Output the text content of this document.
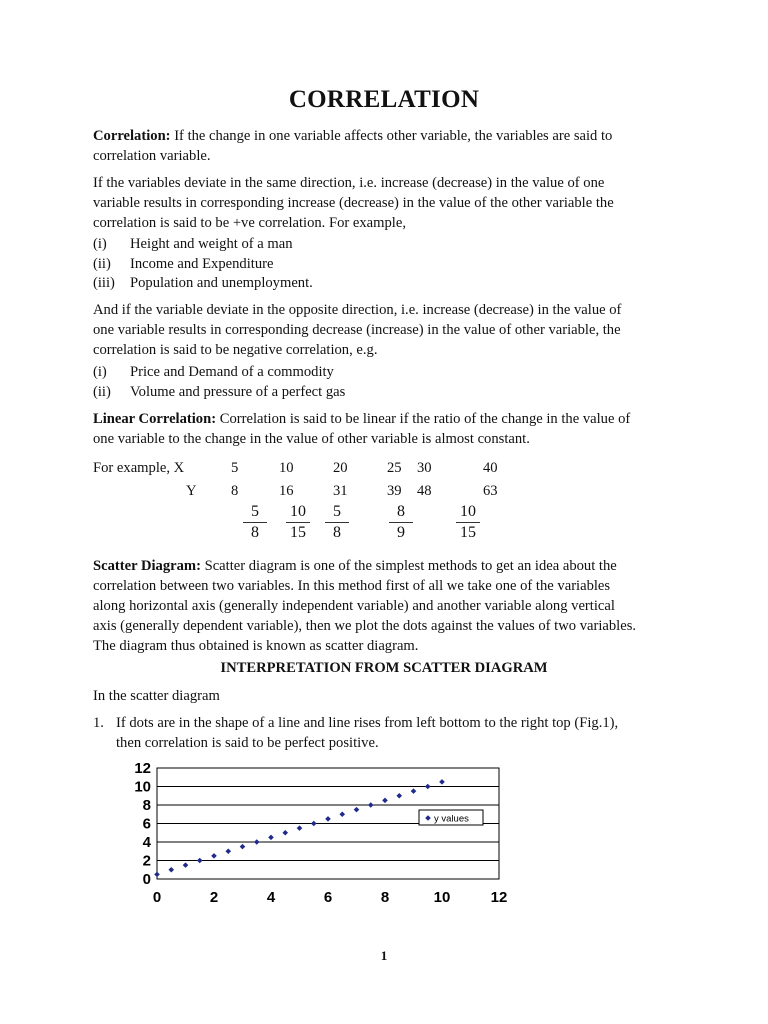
CORRELATION
Correlation: If the change in one variable affects other variable, the variables are said to
correlation variable.
If the variables deviate in the same direction, i.e. increase (decrease) in the value of one
variable results in corresponding increase (decrease) in the value of the other variable the
correlation is said to be +ve correlation. For example,
(i) Height and weight of a man
(ii) Income and Expenditure
(iii) Population and unemployment.
And if the variable deviate in the opposite direction, i.e. increase (decrease) in the value of
one variable results in corresponding decrease (increase) in the value of other variable, the
correlation is said to be negative correlation, e.g.
(i) Price and Demand of a commodity
(ii) Volume and pressure of a perfect gas
Linear Correlation: Correlation is said to be linear if the ratio of the change in the value of
one variable to the change in the value of other variable is almost constant.
For example, X
Y
5	10	20	25 30	40
8	16	31	39 48	63
$\frac{5}{8} \frac{10}{15} \frac{5}{8}$	$\frac{8}{9}$	$\frac{10}{15}$
Scatter Diagram: Scatter diagram is one of the simplest methods to get an idea about the
correlation between two variables. In this method first of all we take one of the variables
along horizontal axis (generally independent variable) and another variable along vertical
axis (generally dependent variable), then we plot the dots against the values of two variables.
The diagram thus obtained is known as scatter diagram.
INTERPRETATION FROM SCATTER DIAGRAM
In the scatter diagram
1. If dots are in the shape of a line and line rises from left bottom to the right top (Fig.1),
then correlation is said to be perfect positive.
0
2
4
6
8
10
12
0	2	4	6	8	10	12
y values
1
